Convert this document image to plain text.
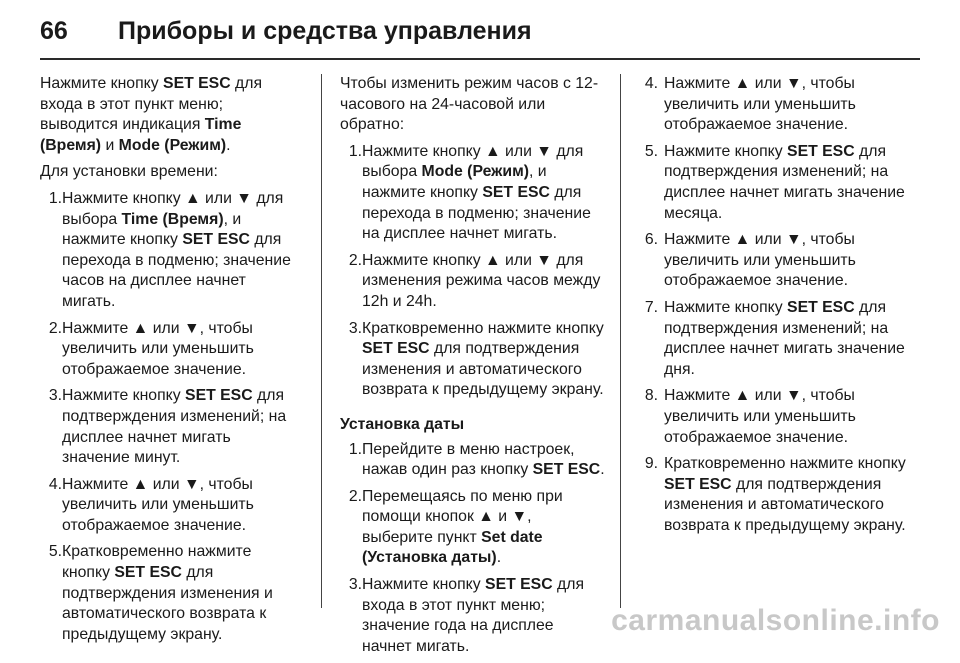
66 Приборы и средства управления

Нажмите кнопку SET ESC для входа в этот пункт меню; выводится индикация Time (Время) и Mode (Режим).

Для установки времени:

1. Нажмите кнопку ▲ или ▼ для выбора Time (Время), и нажмите кнопку SET ESC для перехода в подменю; значение часов на дисплее начнет мигать.
2. Нажмите ▲ или ▼, чтобы увеличить или уменьшить отображаемое значение.
3. Нажмите кнопку SET ESC для подтверждения изменений; на дисплее начнет мигать значение минут.
4. Нажмите ▲ или ▼, чтобы увеличить или уменьшить отображаемое значение.
5. Кратковременно нажмите кнопку SET ESC для подтверждения изменения и автоматического возврата к предыдущему экрану.

Чтобы изменить режим часов с 12-часового на 24-часовой или обратно:

1. Нажмите кнопку ▲ или ▼ для выбора Mode (Режим), и нажмите кнопку SET ESC для перехода в подменю; значение на дисплее начнет мигать.
2. Нажмите кнопку ▲ или ▼ для изменения режима часов между 12h и 24h.
3. Кратковременно нажмите кнопку SET ESC для подтверждения изменения и автоматического возврата к предыдущему экрану.
Установка даты
1. Перейдите в меню настроек, нажав один раз кнопку SET ESC.
2. Перемещаясь по меню при помощи кнопок ▲ и ▼, выберите пункт Set date (Установка даты).
3. Нажмите кнопку SET ESC для входа в этот пункт меню; значение года на дисплее начнет мигать.
4. Нажмите ▲ или ▼, чтобы увеличить или уменьшить отображаемое значение.
5. Нажмите кнопку SET ESC для подтверждения изменений; на дисплее начнет мигать значение месяца.
6. Нажмите ▲ или ▼, чтобы увеличить или уменьшить отображаемое значение.
7. Нажмите кнопку SET ESC для подтверждения изменений; на дисплее начнет мигать значение дня.
8. Нажмите ▲ или ▼, чтобы увеличить или уменьшить отображаемое значение.
9. Кратковременно нажмите кнопку SET ESC для подтверждения изменения и автоматического возврата к предыдущему экрану.
carmanualsonline.info
